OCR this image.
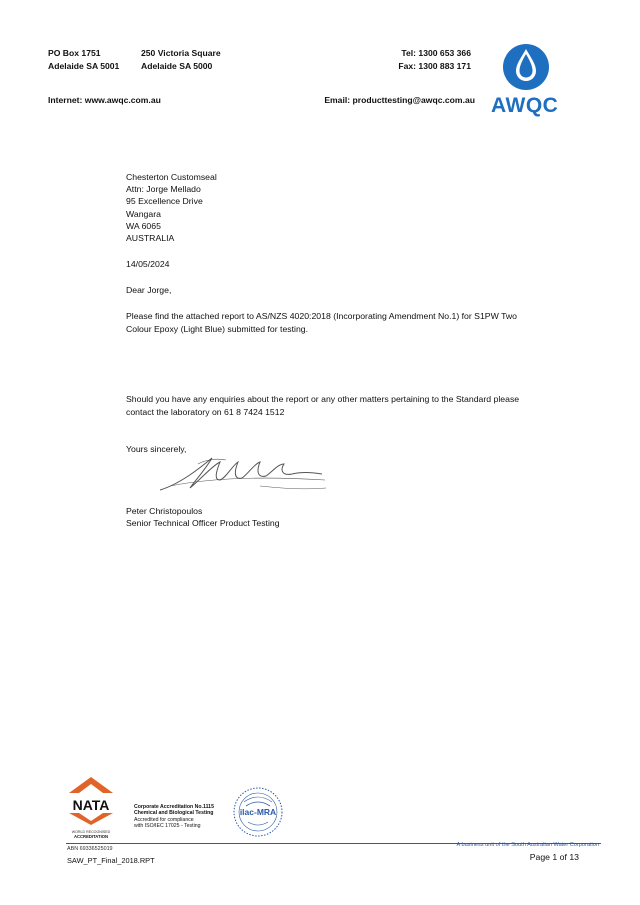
PO Box 1751
Adelaide SA 5001
250 Victoria Square
Adelaide SA 5000
Tel: 1300 653 366
Fax: 1300 883 171
Internet: www.awqc.com.au	Email: producttesting@awqc.com.au AWQC
Chesterton Customseal
Attn: Jorge Mellado
95 Excellence Drive
Wangara
WA 6065
AUSTRALIA
14/05/2024
Dear Jorge,
Please find the attached report to AS/NZS 4020:2018 (Incorporating Amendment No.1) for S1PW Two
Colour Epoxy (Light Blue) submitted for testing.
Should you have any enquiries about the report or any other matters pertaining to the Standard please
contact the laboratory on 61 8 7424 1512
Yours sincerely,
Peter Christopoulos
Senior Technical Officer Product Testing
NATA
WORLD RECOGNISED
ACCREDITATION
Corporate Accreditation No.1115
Chemical and Biological Testing
Accredited for compliance
with ISO/IEC 17025 - Testing
ilac-MRA
ABN 69336525019
A business unit of the South Australian Water Corporation
SAW_PT_Final_2018.RPT	Page 1 of 13
